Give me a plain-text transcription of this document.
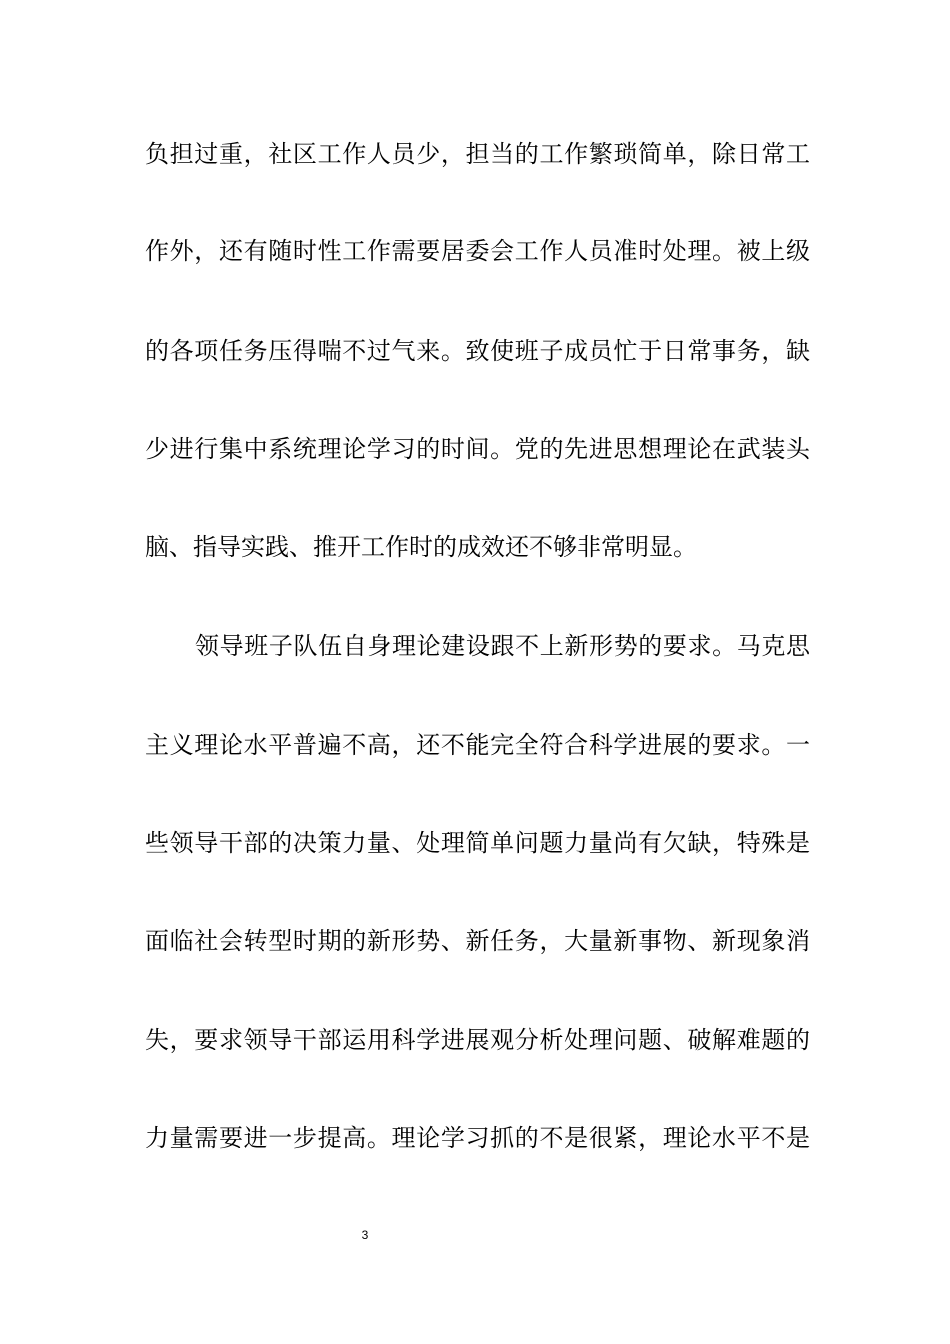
负担过重，社区工作人员少，担当的工作繁琐简单，除日常工
作外，还有随时性工作需要居委会工作人员准时处理。被上级
的各项任务压得喘不过气来。致使班子成员忙于日常事务，缺
少进行集中系统理论学习的时间。党的先进思想理论在武装头
脑、指导实践、推开工作时的成效还不够非常明显。
领导班子队伍自身理论建设跟不上新形势的要求。马克思
主义理论水平普遍不高，还不能完全符合科学进展的要求。一
些领导干部的决策力量、处理简单问题力量尚有欠缺，特殊是
面临社会转型时期的新形势、新任务，大量新事物、新现象消
失，要求领导干部运用科学进展观分析处理问题、破解难题的
力量需要进一步提高。理论学习抓的不是很紧，理论水平不是
3
